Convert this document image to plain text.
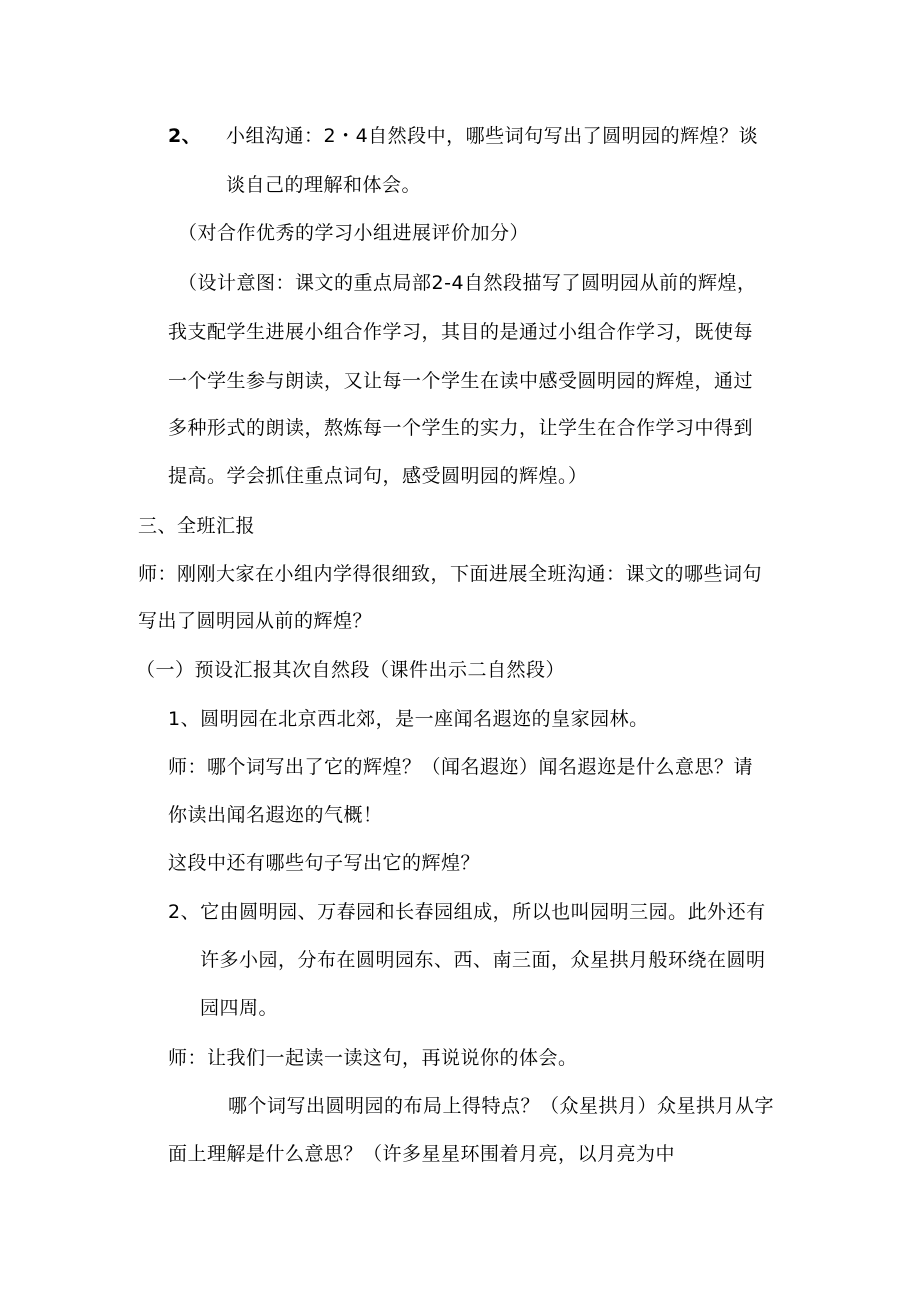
2、 小组沟通：2・4自然段中，哪些词句写出了圆明园的辉煌？谈
谈自己的理解和体会。
（对合作优秀的学习小组进展评价加分）
（设计意图：课文的重点局部2-4自然段描写了圆明园从前的辉煌，
我支配学生进展小组合作学习，其目的是通过小组合作学习，既使每
一个学生参与朗读，又让每一个学生在读中感受圆明园的辉煌，通过
多种形式的朗读，熬炼每一个学生的实力，让学生在合作学习中得到
提高。学会抓住重点词句，感受圆明园的辉煌。）
三、全班汇报
师：刚刚大家在小组内学得很细致，下面进展全班沟通：课文的哪些词句
写出了圆明园从前的辉煌？
（一）预设汇报其次自然段（课件出示二自然段）
1、圆明园在北京西北郊，是一座闻名遐迩的皇家园林。
师：哪个词写出了它的辉煌？（闻名遐迩）闻名遐迩是什么意思？请
你读出闻名遐迩的气概！
这段中还有哪些句子写出它的辉煌？
2、它由圆明园、万春园和长春园组成，所以也叫园明三园。此外还有
许多小园，分布在圆明园东、西、南三面，众星拱月般环绕在圆明
园四周。
师：让我们一起读一读这句，再说说你的体会。
哪个词写出圆明园的布局上得特点？（众星拱月）众星拱月从字
面上理解是什么意思？（许多星星环围着月亮，以月亮为中
